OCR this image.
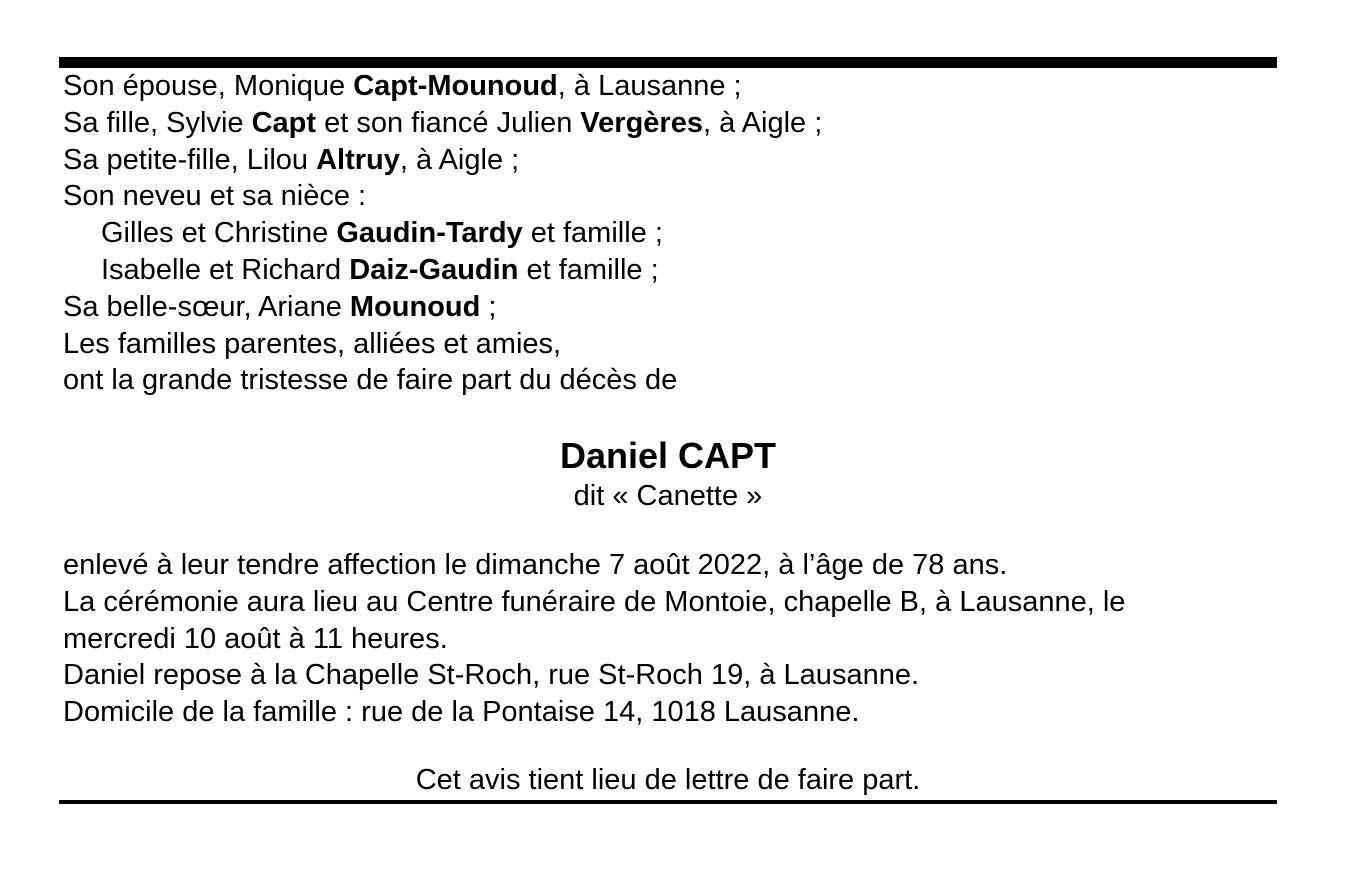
Son épouse, Monique Capt-Mounoud, à Lausanne ;
Sa fille, Sylvie Capt et son fiancé Julien Vergères, à Aigle ;
Sa petite-fille, Lilou Altruy, à Aigle ;
Son neveu et sa nièce :
Gilles et Christine Gaudin-Tardy et famille ;
Isabelle et Richard Daiz-Gaudin et famille ;
Sa belle-sœur, Ariane Mounoud ;
Les familles parentes, alliées et amies,
ont la grande tristesse de faire part du décès de
Daniel CAPT
dit « Canette »
enlevé à leur tendre affection le dimanche 7 août 2022, à l’âge de 78 ans.
La cérémonie aura lieu au Centre funéraire de Montoie, chapelle B, à Lausanne, le
mercredi 10 août à 11 heures.
Daniel repose à la Chapelle St-Roch, rue St-Roch 19, à Lausanne.
Domicile de la famille : rue de la Pontaise 14, 1018 Lausanne.
Cet avis tient lieu de lettre de faire part.
